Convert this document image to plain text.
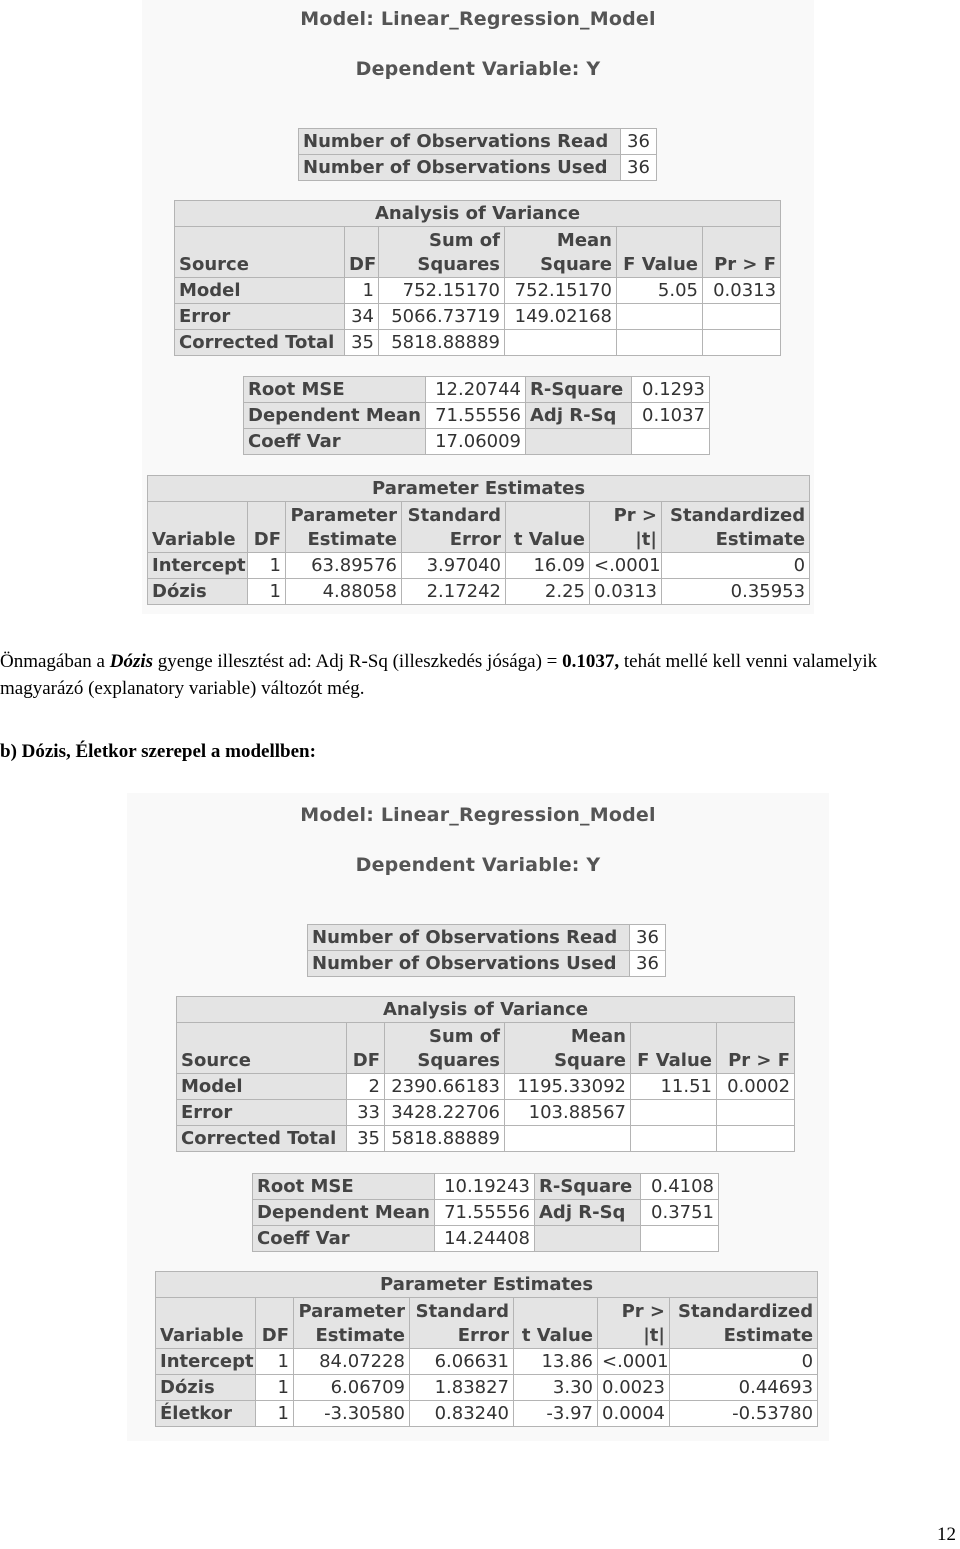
Model: Linear_Regression_Model
Dependent Variable: Y
Number of Observations Read	36
Number of Observations Used	36
Analysis of Variance					
Source	DF	Sum of Squares	Mean Square	F Value	Pr > F
Model	1	752.15170	752.15170	5.05	0.0313
Error	34	5066.73719	149.02168		
Corrected Total	35	5818.88889			
Root MSE	12.20744	R-Square	0.1293
Dependent Mean	71.55556	Adj R-Sq	0.1037
Coeff Var	17.06009		
Parameter Estimates						
Variable	DF	Parameter Estimate	Standard Error	t Value	Pr > |t|	Standardized Estimate
Intercept	1	63.89576	3.97040	16.09	<.0001	0
Dózis	1	4.88058	2.17242	2.25	0.0313	0.35953
Önmagában a Dózis gyenge illesztést ad: Adj R-Sq (illeszkedés jósága) = 0.1037, tehát mellé kell venni valamelyik magyarázó (explanatory variable) változót még.
b) Dózis, Életkor szerepel a modellben:
Model: Linear_Regression_Model
Dependent Variable: Y
Number of Observations Read	36
Number of Observations Used	36
Analysis of Variance					
Source	DF	Sum of Squares	Mean Square	F Value	Pr > F
Model	2	2390.66183	1195.33092	11.51	0.0002
Error	33	3428.22706	103.88567		
Corrected Total	35	5818.88889			
Root MSE	10.19243	R-Square	0.4108
Dependent Mean	71.55556	Adj R-Sq	0.3751
Coeff Var	14.24408		
Parameter Estimates						
Variable	DF	Parameter Estimate	Standard Error	t Value	Pr > |t|	Standardized Estimate
Intercept	1	84.07228	6.06631	13.86	<.0001	0
Dózis	1	6.06709	1.83827	3.30	0.0023	0.44693
Életkor	1	-3.30580	0.83240	-3.97	0.0004	-0.53780
12
